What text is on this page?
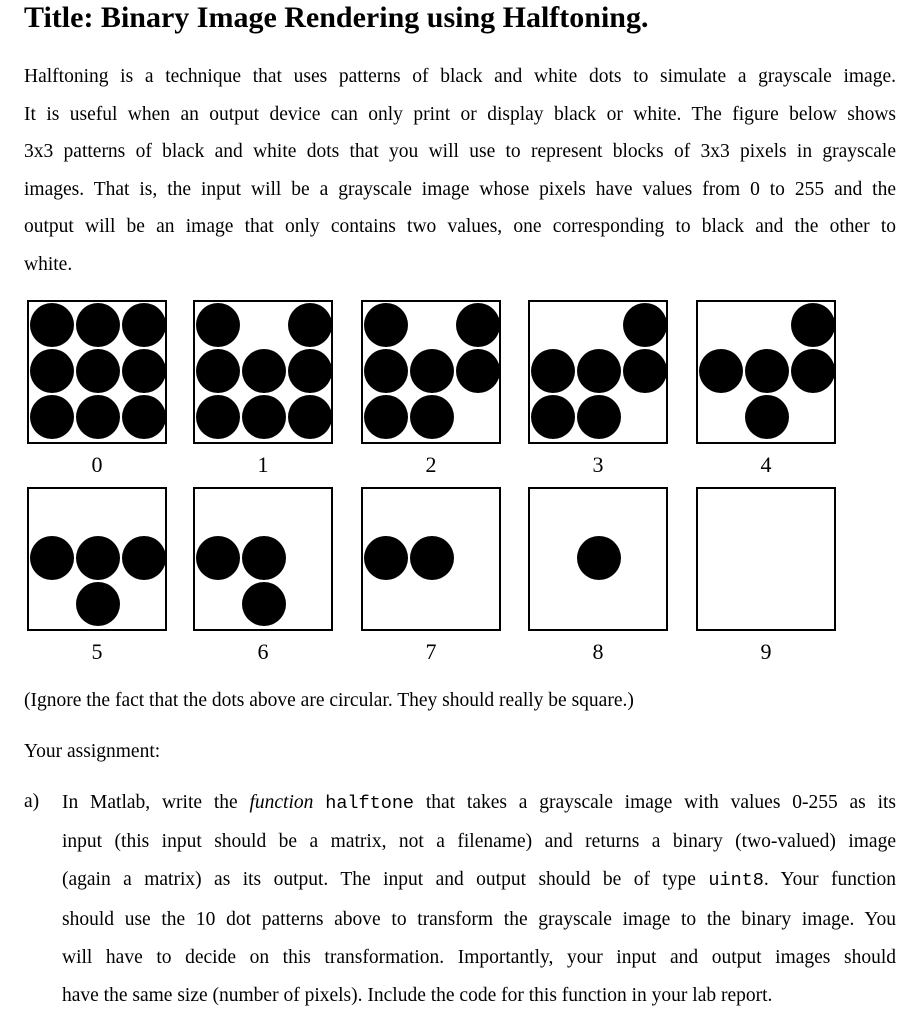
Title: Binary Image Rendering using Halftoning.
Halftoning is a technique that uses patterns of black and white dots to simulate a grayscale image.
It is useful when an output device can only print or display black or white. The figure below shows
3x3 patterns of black and white dots that you will use to represent blocks of 3x3 pixels in grayscale
images. That is, the input will be a grayscale image whose pixels have values from 0 to 255 and the
output will be an image that only contains two values, one corresponding to black and the other to
white.
0	1	2	3	4
5	6	7	8	9
(Ignore the fact that the dots above are circular. They should really be square.)
Your assignment:
a) In Matlab, write the function halftone that takes a grayscale image with values 0-255 as its
input (this input should be a matrix, not a filename) and returns a binary (two-valued) image
(again a matrix) as its output. The input and output should be of type uint8. Your function
should use the 10 dot patterns above to transform the grayscale image to the binary image. You
will have to decide on this transformation. Importantly, your input and output images should
have the same size (number of pixels). Include the code for this function in your lab report.
